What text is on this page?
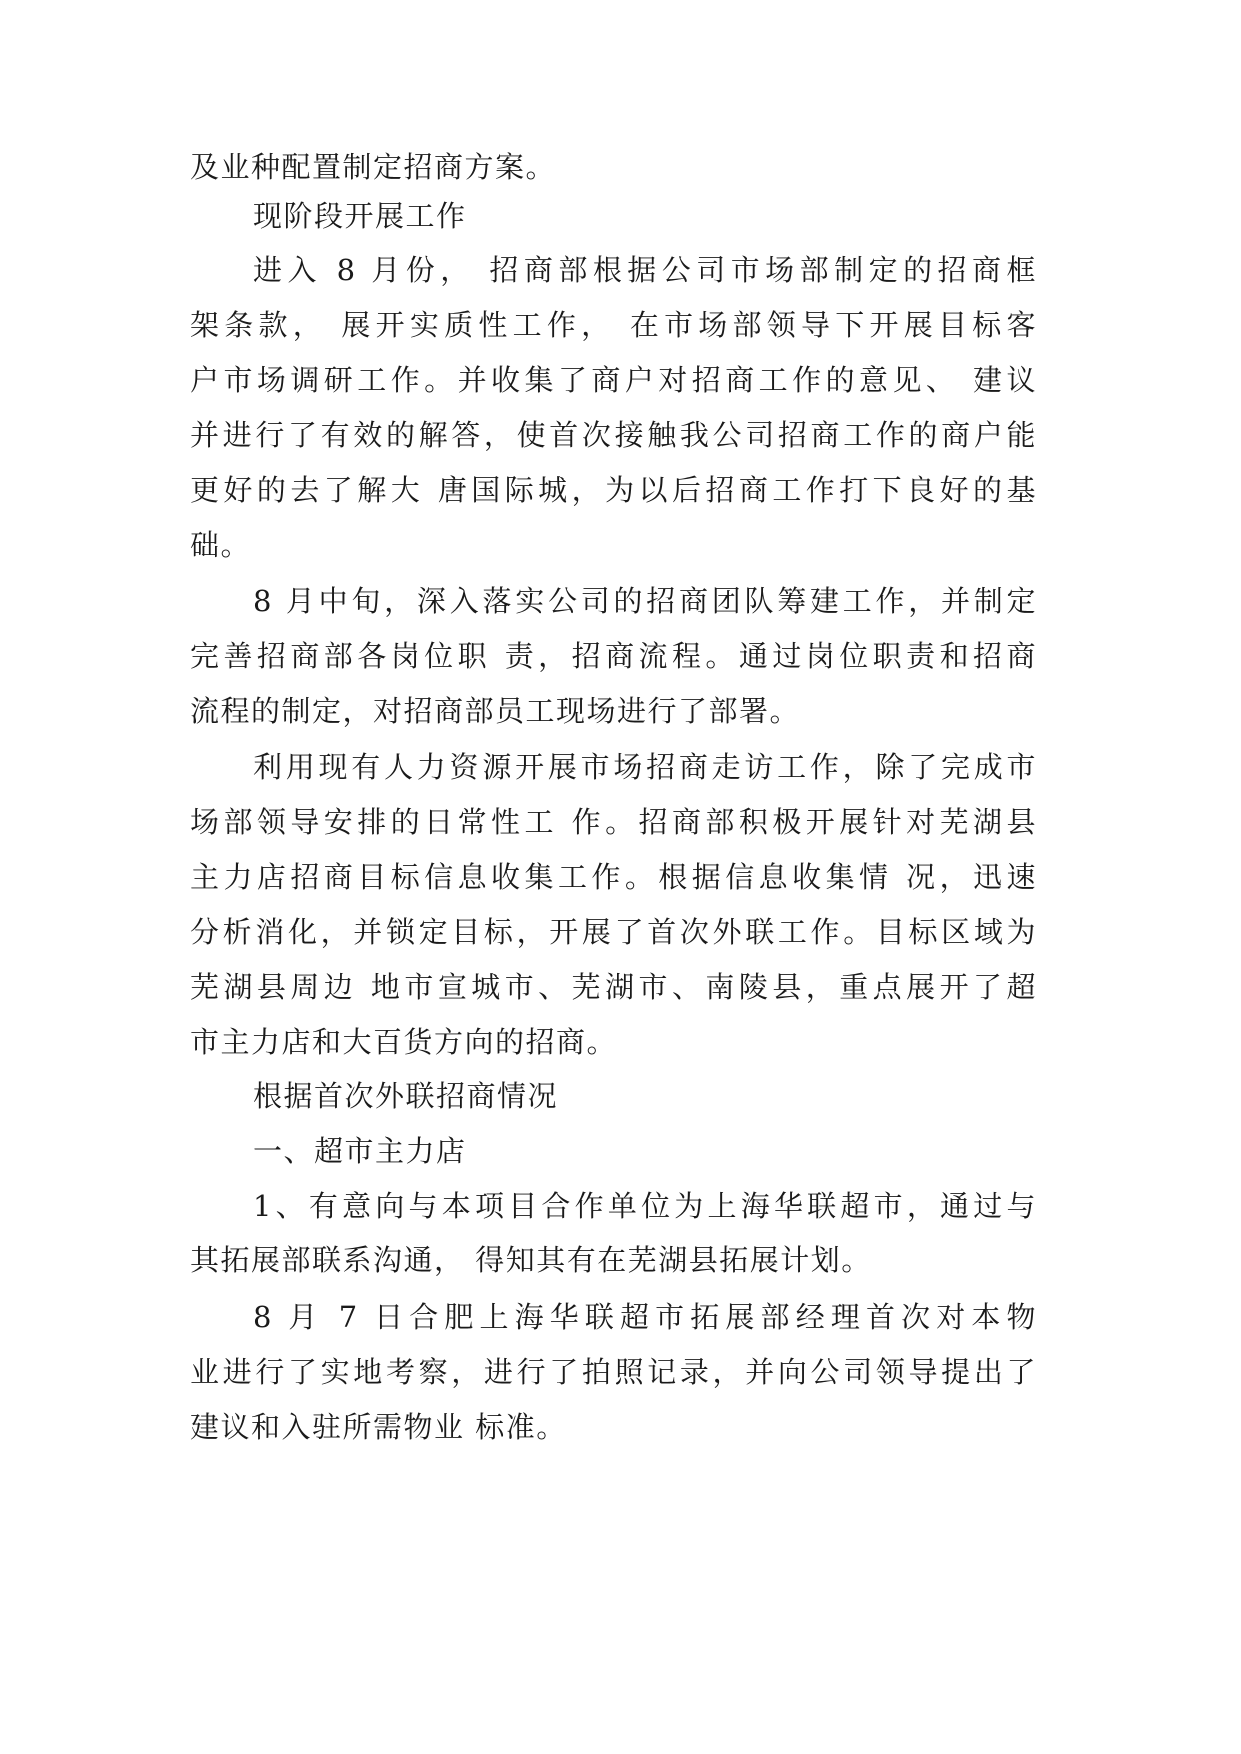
及业种配置制定招商方案。
现阶段开展工作
进入 8 月份， 招商部根据公司市场部制定的招商框
架条款， 展开实质性工作， 在市场部领导下开展目标客
户市场调研工作。并收集了商户对招商工作的意见、 建议
并进行了有效的解答，使首次接触我公司招商工作的商户能
更好的去了解大 唐国际城，为以后招商工作打下良好的基
础。
8 月中旬，深入落实公司的招商团队筹建工作，并制定
完善招商部各岗位职 责，招商流程。通过岗位职责和招商
流程的制定，对招商部员工现场进行了部署。
利用现有人力资源开展市场招商走访工作，除了完成市
场部领导安排的日常性工 作。招商部积极开展针对芜湖县
主力店招商目标信息收集工作。根据信息收集情 况，迅速
分析消化，并锁定目标，开展了首次外联工作。目标区域为
芜湖县周边 地市宣城市、芜湖市、南陵县，重点展开了超
市主力店和大百货方向的招商。
根据首次外联招商情况
一、超市主力店
1、有意向与本项目合作单位为上海华联超市，通过与
其拓展部联系沟通， 得知其有在芜湖县拓展计划。
8 月 7 日合肥上海华联超市拓展部经理首次对本物
业进行了实地考察，进行了拍照记录，并向公司领导提出了
建议和入驻所需物业 标准。
